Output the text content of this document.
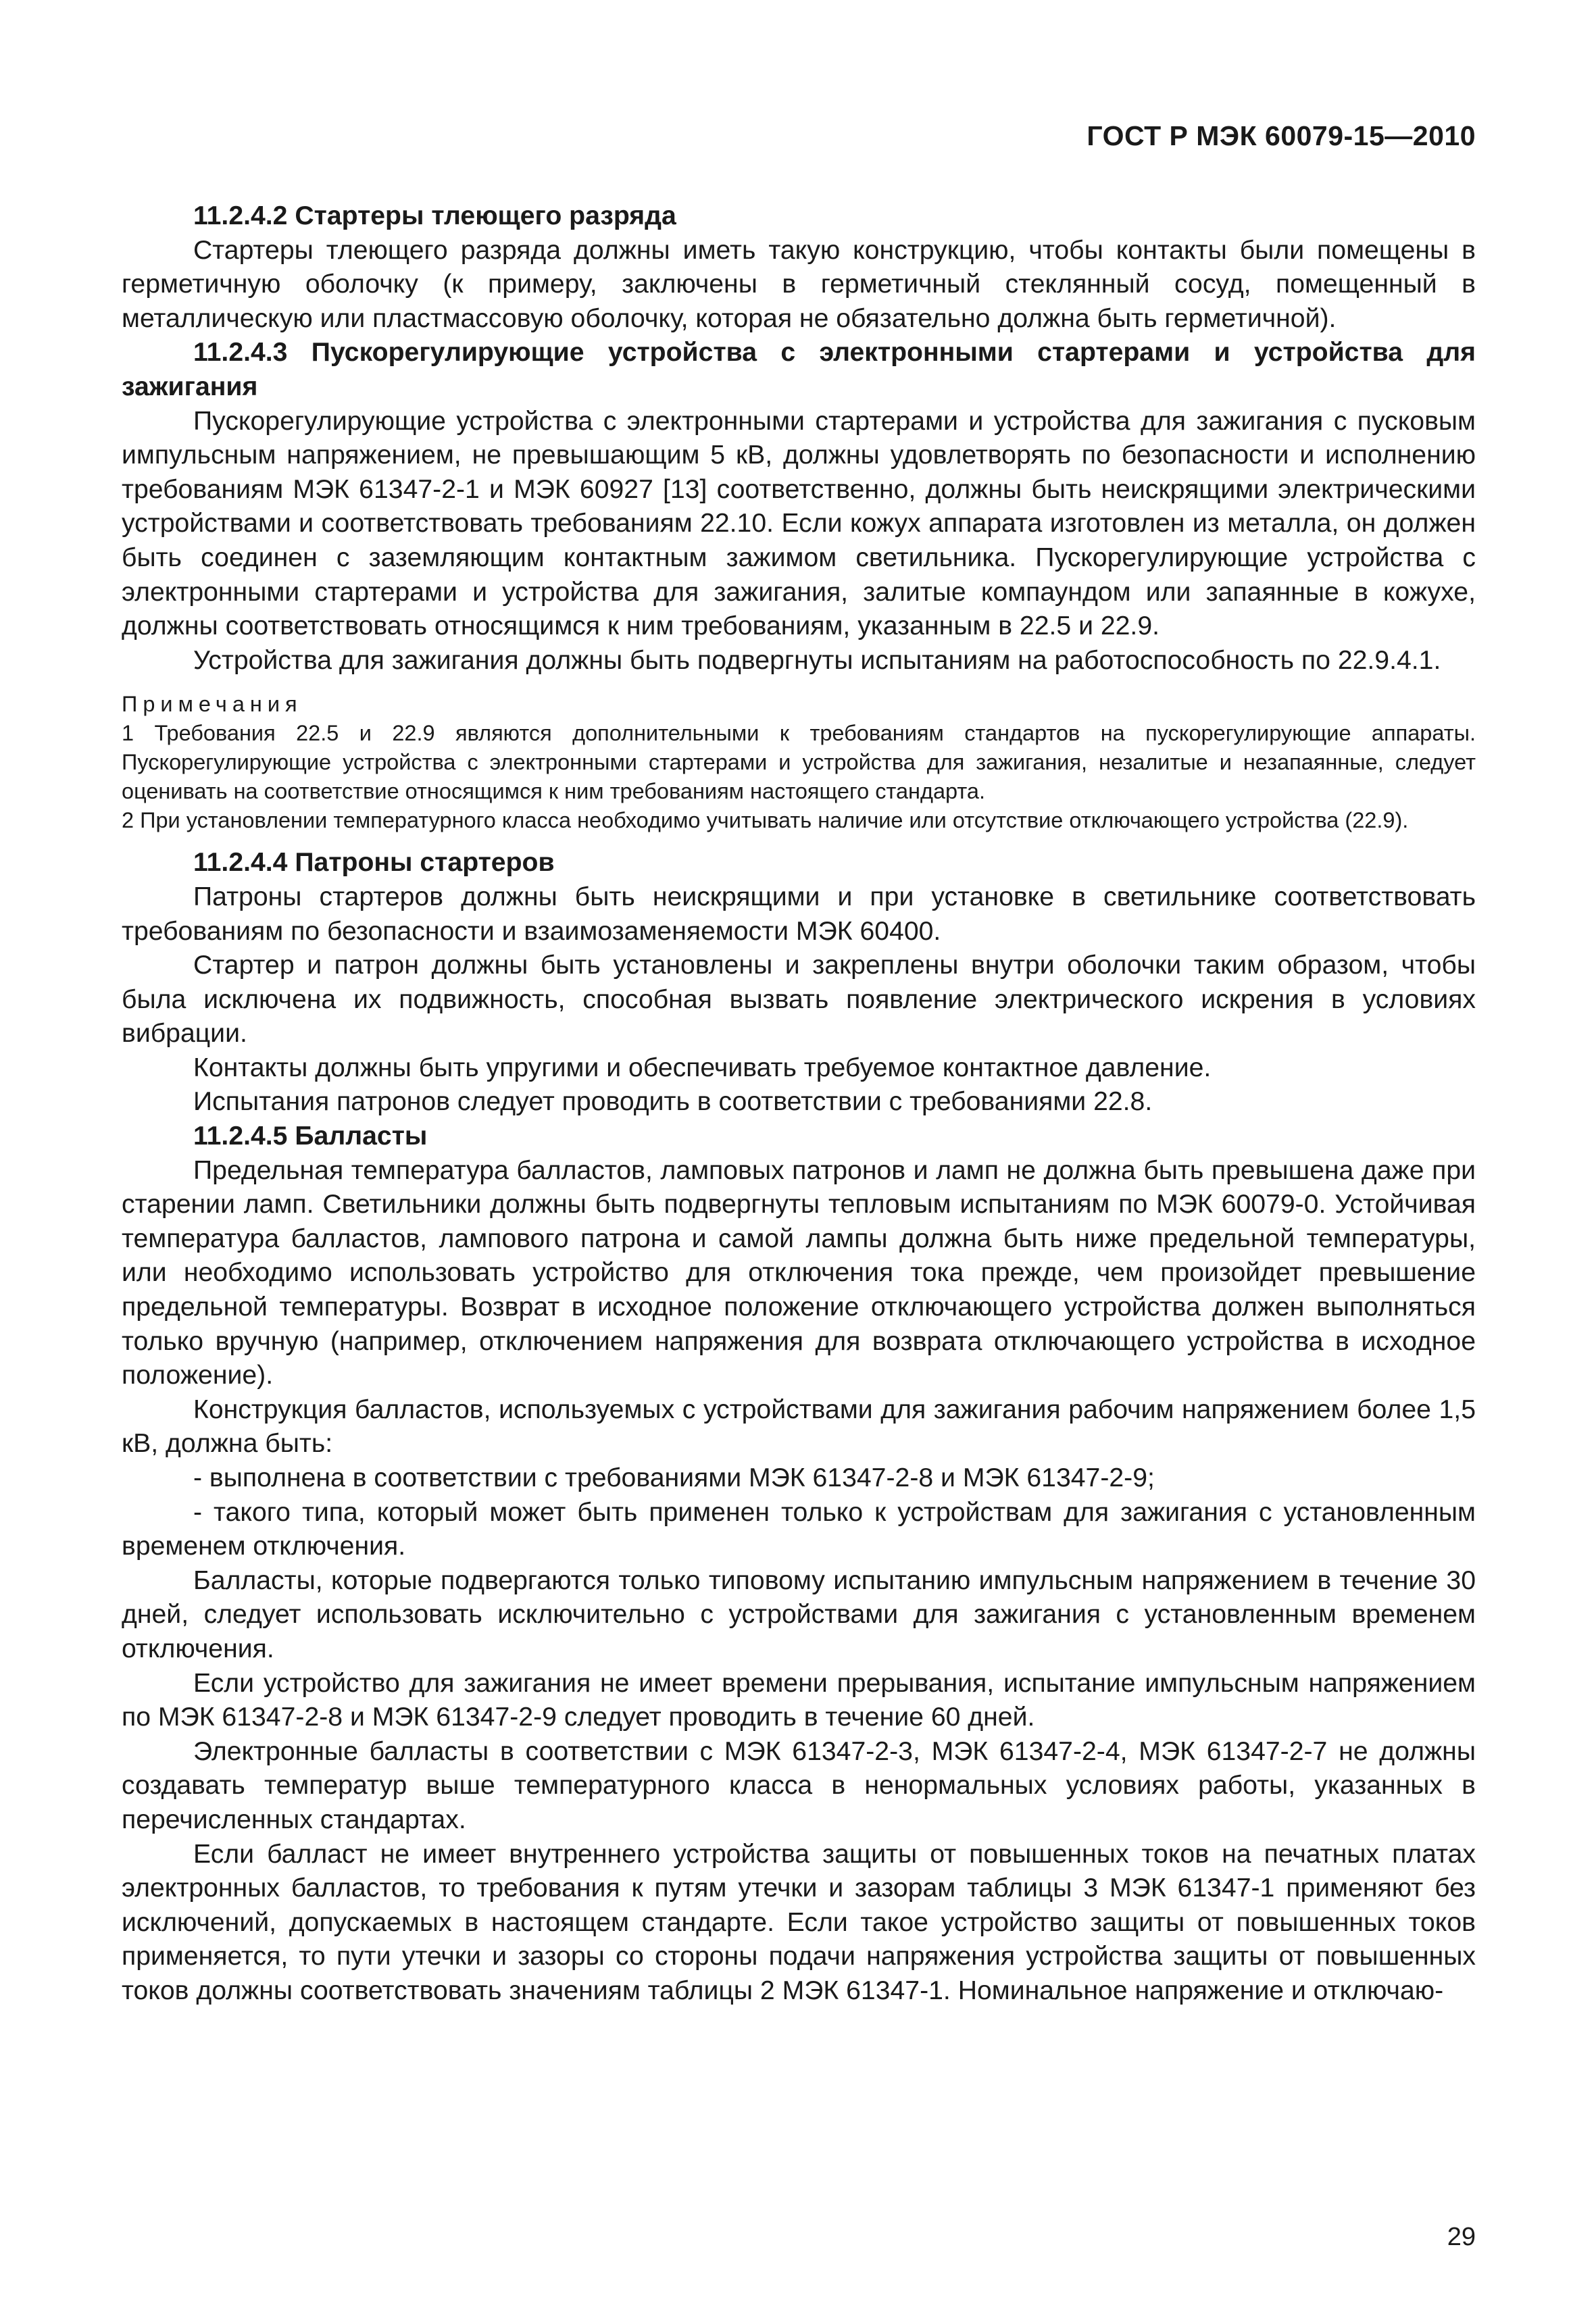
ГОСТ Р МЭК 60079-15—2010

11.2.4.2 Стартеры тлеющего разряда

Стартеры тлеющего разряда должны иметь такую конструкцию, чтобы контакты были помещены в герметичную оболочку (к примеру, заключены в герметичный стеклянный сосуд, помещенный в металлическую или пластмассовую оболочку, которая не обязательно должна быть герметичной).

11.2.4.3 Пускорегулирующие устройства с электронными стартерами и устройства для зажигания

Пускорегулирующие устройства с электронными стартерами и устройства для зажигания с пусковым импульсным напряжением, не превышающим 5 кВ, должны удовлетворять по безопасности и исполнению требованиям МЭК 61347-2-1 и МЭК 60927 [13] соответственно, должны быть неискрящими электрическими устройствами и соответствовать требованиям 22.10. Если кожух аппарата изготовлен из металла, он должен быть соединен с заземляющим контактным зажимом светильника. Пускорегулирующие устройства с электронными стартерами и устройства для зажигания, залитые компаундом или запаянные в кожухе, должны соответствовать относящимся к ним требованиям, указанным в 22.5 и 22.9.

Устройства для зажигания должны быть подвергнуты испытаниям на работоспособность по 22.9.4.1.

Примечания

1 Требования 22.5 и 22.9 являются дополнительными к требованиям стандартов на пускорегулирующие аппараты. Пускорегулирующие устройства с электронными стартерами и устройства для зажигания, незалитые и незапаянные, следует оценивать на соответствие относящимся к ним требованиям настоящего стандарта.

2 При установлении температурного класса необходимо учитывать наличие или отсутствие отключающего устройства (22.9).

11.2.4.4 Патроны стартеров

Патроны стартеров должны быть неискрящими и при установке в светильнике соответствовать требованиям по безопасности и взаимозаменяемости МЭК 60400.

Стартер и патрон должны быть установлены и закреплены внутри оболочки таким образом, чтобы была исключена их подвижность, способная вызвать появление электрического искрения в условиях вибрации.

Контакты должны быть упругими и обеспечивать требуемое контактное давление.

Испытания патронов следует проводить в соответствии с требованиями 22.8.

11.2.4.5 Балласты

Предельная температура балластов, ламповых патронов и ламп не должна быть превышена даже при старении ламп. Светильники должны быть подвергнуты тепловым испытаниям по МЭК 60079-0. Устойчивая температура балластов, лампового патрона и самой лампы должна быть ниже предельной температуры, или необходимо использовать устройство для отключения тока прежде, чем произойдет превышение предельной температуры. Возврат в исходное положение отключающего устройства должен выполняться только вручную (например, отключением напряжения для возврата отключающего устройства в исходное положение).

Конструкция балластов, используемых с устройствами для зажигания рабочим напряжением более 1,5 кВ, должна быть:

- выполнена в соответствии с требованиями МЭК 61347-2-8 и МЭК 61347-2-9;

- такого типа, который может быть применен только к устройствам для зажигания с установленным временем отключения.

Балласты, которые подвергаются только типовому испытанию импульсным напряжением в течение 30 дней, следует использовать исключительно с устройствами для зажигания с установленным временем отключения.

Если устройство для зажигания не имеет времени прерывания, испытание импульсным напряжением по МЭК 61347-2-8 и МЭК 61347-2-9 следует проводить в течение 60 дней.

Электронные балласты в соответствии с МЭК 61347-2-3, МЭК 61347-2-4, МЭК 61347-2-7 не должны создавать температур выше температурного класса в ненормальных условиях работы, указанных в перечисленных стандартах.

Если балласт не имеет внутреннего устройства защиты от повышенных токов на печатных платах электронных балластов, то требования к путям утечки и зазорам таблицы 3 МЭК 61347-1 применяют без исключений, допускаемых в настоящем стандарте. Если такое устройство защиты от повышенных токов применяется, то пути утечки и зазоры со стороны подачи напряжения устройства защиты от повышенных токов должны соответствовать значениям таблицы 2 МЭК 61347-1. Номинальное напряжение и отключаю-

29
